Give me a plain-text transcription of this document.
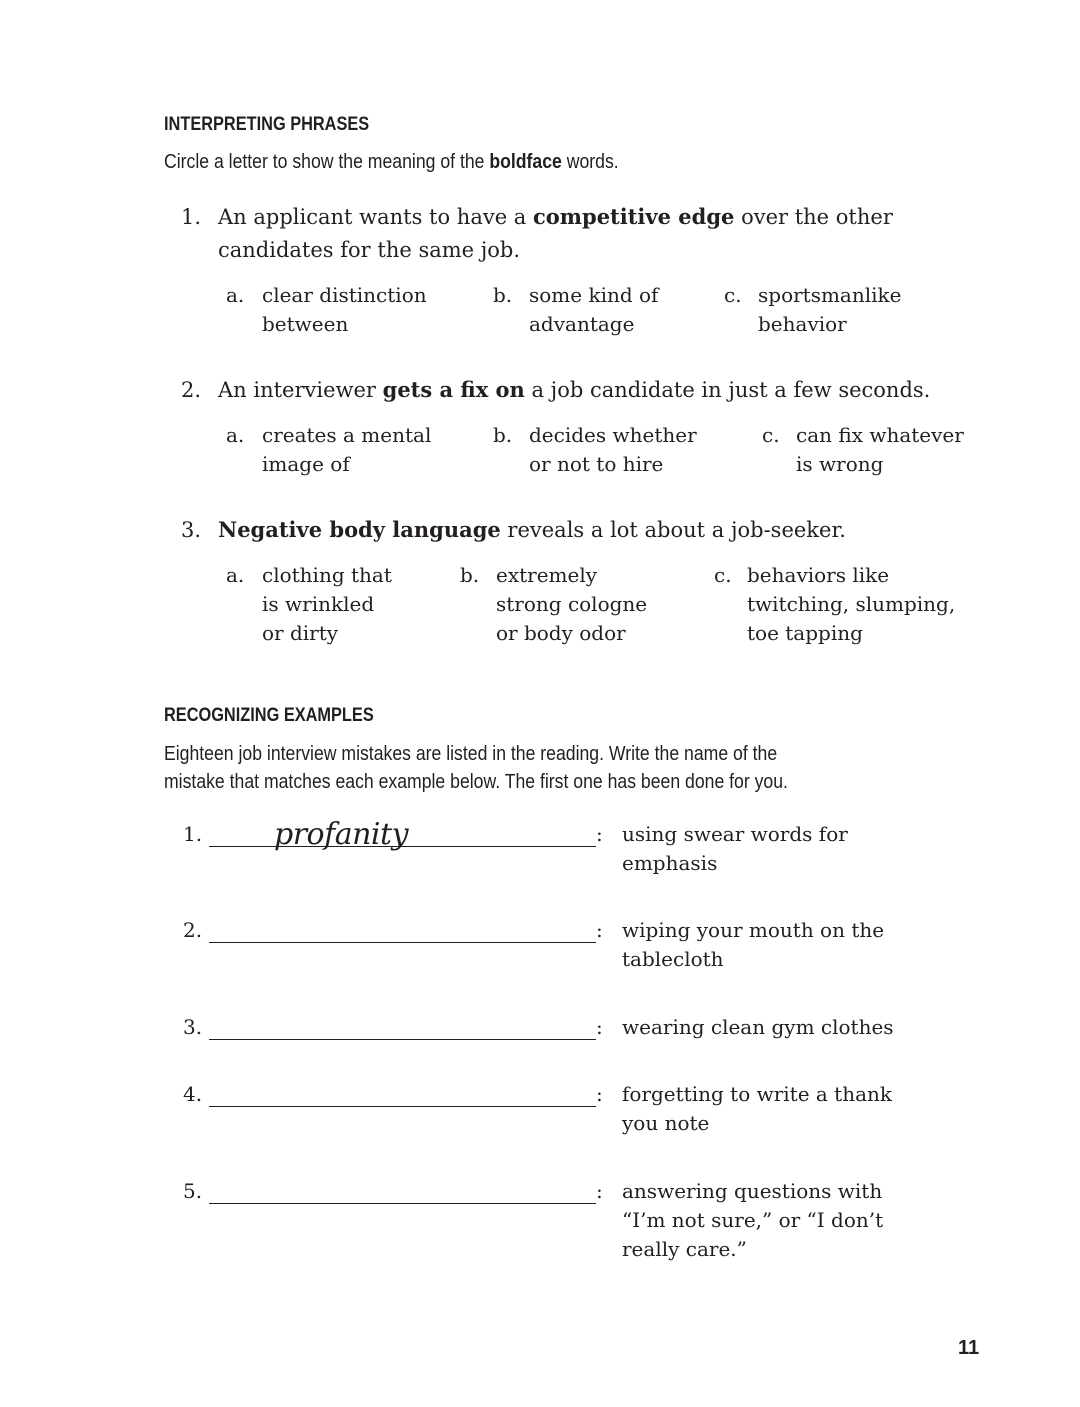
INTERPRETING PHRASES
Circle a letter to show the meaning of the boldface words.
1. An applicant wants to have a competitive edge over the other
candidates for the same job.
a. clear distinction
between
b. some kind of
advantage
c. sportsmanlike
behavior
2. An interviewer gets a fix on a job candidate in just a few seconds.
a. creates a mental
image of
b. decides whether
or not to hire
c. can fix whatever
is wrong
3. Negative body language reveals a lot about a job-seeker.
a. clothing that
is wrinkled
or dirty
b. extremely
strong cologne
or body odor
c. behaviors like
twitching, slumping,
toe tapping
RECOGNIZING EXAMPLES
Eighteen job interview mistakes are listed in the reading. Write the name of the
mistake that matches each example below. The first one has been done for you.
1. profanity	: using swear words for
emphasis
2.	: wiping your mouth on the
tablecloth
3.	: wearing clean gym clothes
4.	: forgetting to write a thank
you note
5.	: answering questions with
“I’m not sure,” or “I don’t
really care.”
11
